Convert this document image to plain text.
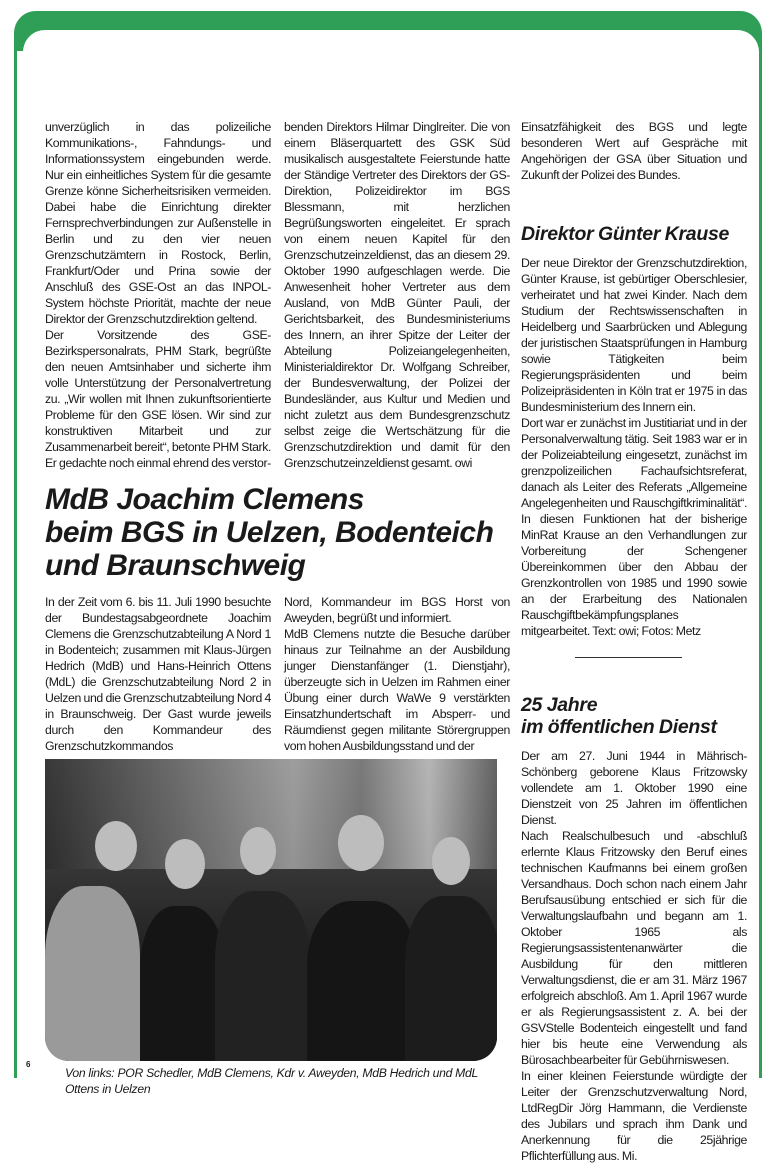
unverzüglich in das polizeiliche Kommunikations-, Fahndungs- und Informationssystem eingebunden werde. Nur ein einheitliches System für die gesamte Grenze könne Sicherheitsrisiken vermeiden. Dabei habe die Einrichtung direkter Fernsprechverbindungen zur Außenstelle in Berlin und zu den vier neuen Grenzschutzämtern in Rostock, Berlin, Frankfurt/Oder und Prina sowie der Anschluß des GSE-Ost an das INPOL-System höchste Priorität, machte der neue Direktor der Grenzschutzdirektion geltend.

Der Vorsitzende des GSE-Bezirkspersonalrats, PHM Stark, begrüßte den neuen Amtsinhaber und sicherte ihm volle Unterstützung der Personalvertretung zu. „Wir wollen mit Ihnen zukunftsorientierte Probleme für den GSE lösen. Wir sind zur konstruktiven Mitarbeit und zur Zusammenarbeit bereit“, betonte PHM Stark. Er gedachte noch einmal ehrend des verstor-

benden Direktors Hilmar Dinglreiter. Die von einem Bläserquartett des GSK Süd musikalisch ausgestaltete Feierstunde hatte der Ständige Vertreter des Direktors der GS-Direktion, Polizeidirektor im BGS Blessmann, mit herzlichen Begrüßungsworten eingeleitet. Er sprach von einem neuen Kapitel für den Grenzschutzeinzeldienst, das an diesem 29. Oktober 1990 aufgeschlagen werde. Die Anwesenheit hoher Vertreter aus dem Ausland, von MdB Günter Pauli, der Gerichtsbarkeit, des Bundesministeriums des Innern, an ihrer Spitze der Leiter der Abteilung Polizeiangelegenheiten, Ministerialdirektor Dr. Wolfgang Schreiber, der Bundesverwaltung, der Polizei der Bundesländer, aus Kultur und Medien und nicht zuletzt aus dem Bundesgrenzschutz selbst zeige die Wertschätzung für die Grenzschutzdirektion und damit für den Grenzschutzeinzeldienst gesamt. owi

MdB Joachim Clemens
beim BGS in Uelzen, Bodenteich
und Braunschweig

In der Zeit vom 6. bis 11. Juli 1990 besuchte der Bundestagsabgeordnete Joachim Clemens die Grenzschutzabteilung A Nord 1 in Bodenteich; zusammen mit Klaus-Jürgen Hedrich (MdB) und Hans-Heinrich Ottens (MdL) die Grenzschutzabteilung Nord 2 in Uelzen und die Grenzschutzabteilung Nord 4 in Braunschweig. Der Gast wurde jeweils durch den Kommandeur des Grenzschutzkommandos

Nord, Kommandeur im BGS Horst von Aweyden, begrüßt und informiert.

MdB Clemens nutzte die Besuche darüber hinaus zur Teilnahme an der Ausbildung junger Dienstanfänger (1. Dienstjahr), überzeugte sich in Uelzen im Rahmen einer Übung einer durch WaWe 9 verstärkten Einsatzhundertschaft im Absperr- und Räumdienst gegen militante Störergruppen vom hohen Ausbildungsstand und der

Von links: POR Schedler, MdB Clemens, Kdr v. Aweyden, MdB Hedrich und MdL Ottens in Uelzen

Einsatzfähigkeit des BGS und legte besonderen Wert auf Gespräche mit Angehörigen der GSA über Situation und Zukunft der Polizei des Bundes.

Direktor Günter Krause

Der neue Direktor der Grenzschutzdirektion, Günter Krause, ist gebürtiger Oberschlesier, verheiratet und hat zwei Kinder. Nach dem Studium der Rechtswissenschaften in Heidelberg und Saarbrücken und Ablegung der juristischen Staatsprüfungen in Hamburg sowie Tätigkeiten beim Regierungspräsidenten und beim Polizeipräsidenten in Köln trat er 1975 in das Bundesministerium des Innern ein.

Dort war er zunächst im Justitiariat und in der Personalverwaltung tätig. Seit 1983 war er in der Polizeiabteilung eingesetzt, zunächst im grenzpolizeilichen Fachaufsichtsreferat, danach als Leiter des Referats „Allgemeine Angelegenheiten und Rauschgiftkriminalität“. In diesen Funktionen hat der bisherige MinRat Krause an den Verhandlungen zur Vorbereitung der Schengener Übereinkommen über den Abbau der Grenzkontrollen von 1985 und 1990 sowie an der Erarbeitung des Nationalen Rauschgiftbekämpfungsplanes mitgearbeitet. Text: owi; Fotos: Metz

25 Jahre
im öffentlichen Dienst

Der am 27. Juni 1944 in Mährisch-Schönberg geborene Klaus Fritzowsky vollendete am 1. Oktober 1990 eine Dienstzeit von 25 Jahren im öffentlichen Dienst.

Nach Realschulbesuch und -abschluß erlernte Klaus Fritzowsky den Beruf eines technischen Kaufmanns bei einem großen Versandhaus. Doch schon nach einem Jahr Berufsausübung entschied er sich für die Verwaltungslaufbahn und begann am 1. Oktober 1965 als Regierungsassistentenanwärter die Ausbildung für den mittleren Verwaltungsdienst, die er am 31. März 1967 erfolgreich abschloß. Am 1. April 1967 wurde er als Regierungsassistent z. A. bei der GSVStelle Bodenteich eingestellt und fand hier bis heute eine Verwendung als Bürosachbearbeiter für Gebührniswesen.

In einer kleinen Feierstunde würdigte der Leiter der Grenzschutzverwaltung Nord, LtdRegDir Jörg Hammann, die Verdienste des Jubilars und sprach ihm Dank und Anerkennung für die 25jährige Pflichterfüllung aus. Mi.

6
